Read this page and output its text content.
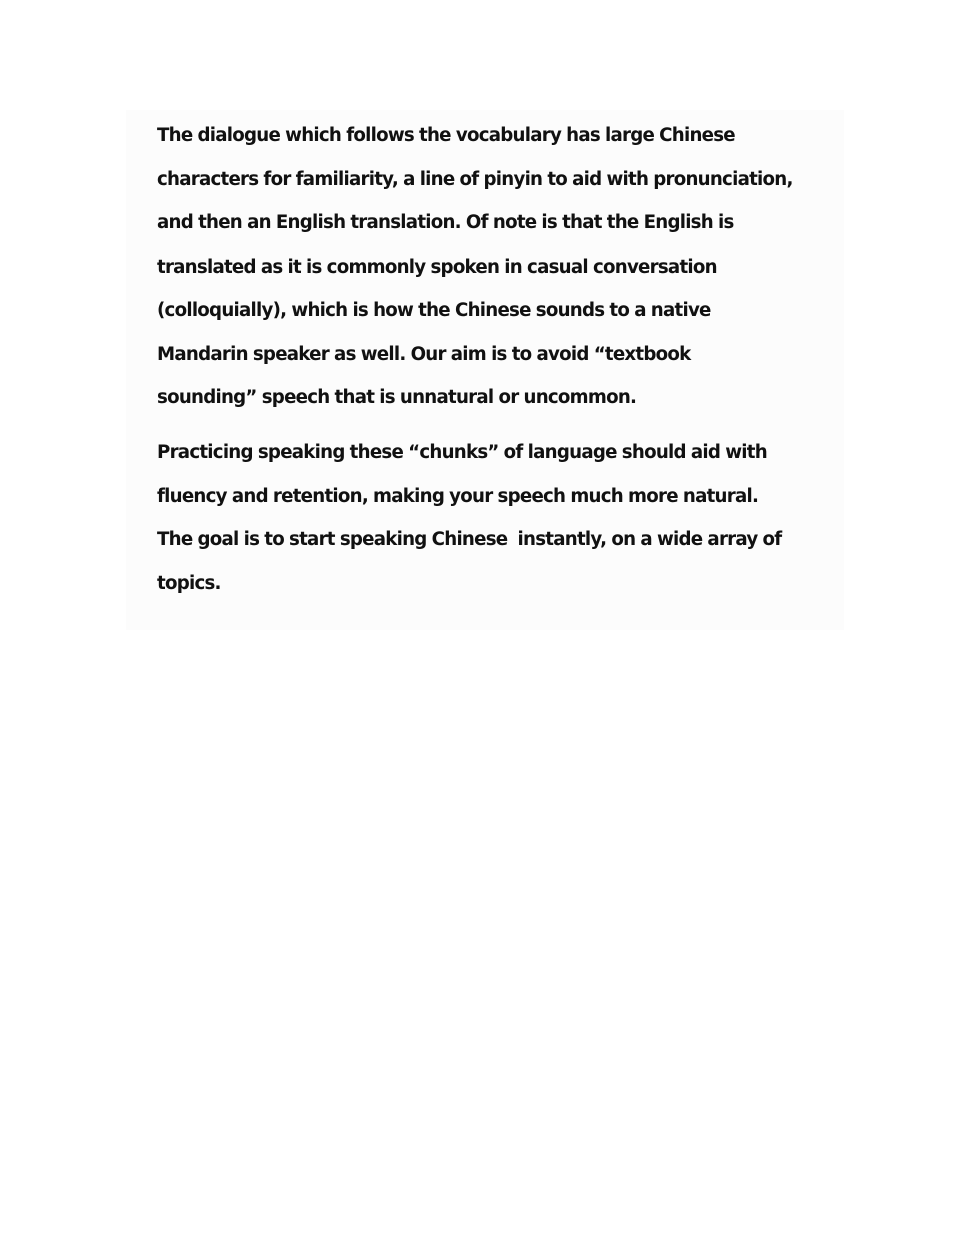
The dialogue which follows the vocabulary has large Chinese
characters for familiarity, a line of pinyin to aid with pronunciation,
and then an English translation. Of note is that the English is
translated as it is commonly spoken in casual conversation
(colloquially), which is how the Chinese sounds to a native
Mandarin speaker as well. Our aim is to avoid “textbook
sounding” speech that is unnatural or uncommon.
Practicing speaking these “chunks” of language should aid with
fluency and retention, making your speech much more natural.
The goal is to start speaking Chinese  instantly, on a wide array of
topics.
